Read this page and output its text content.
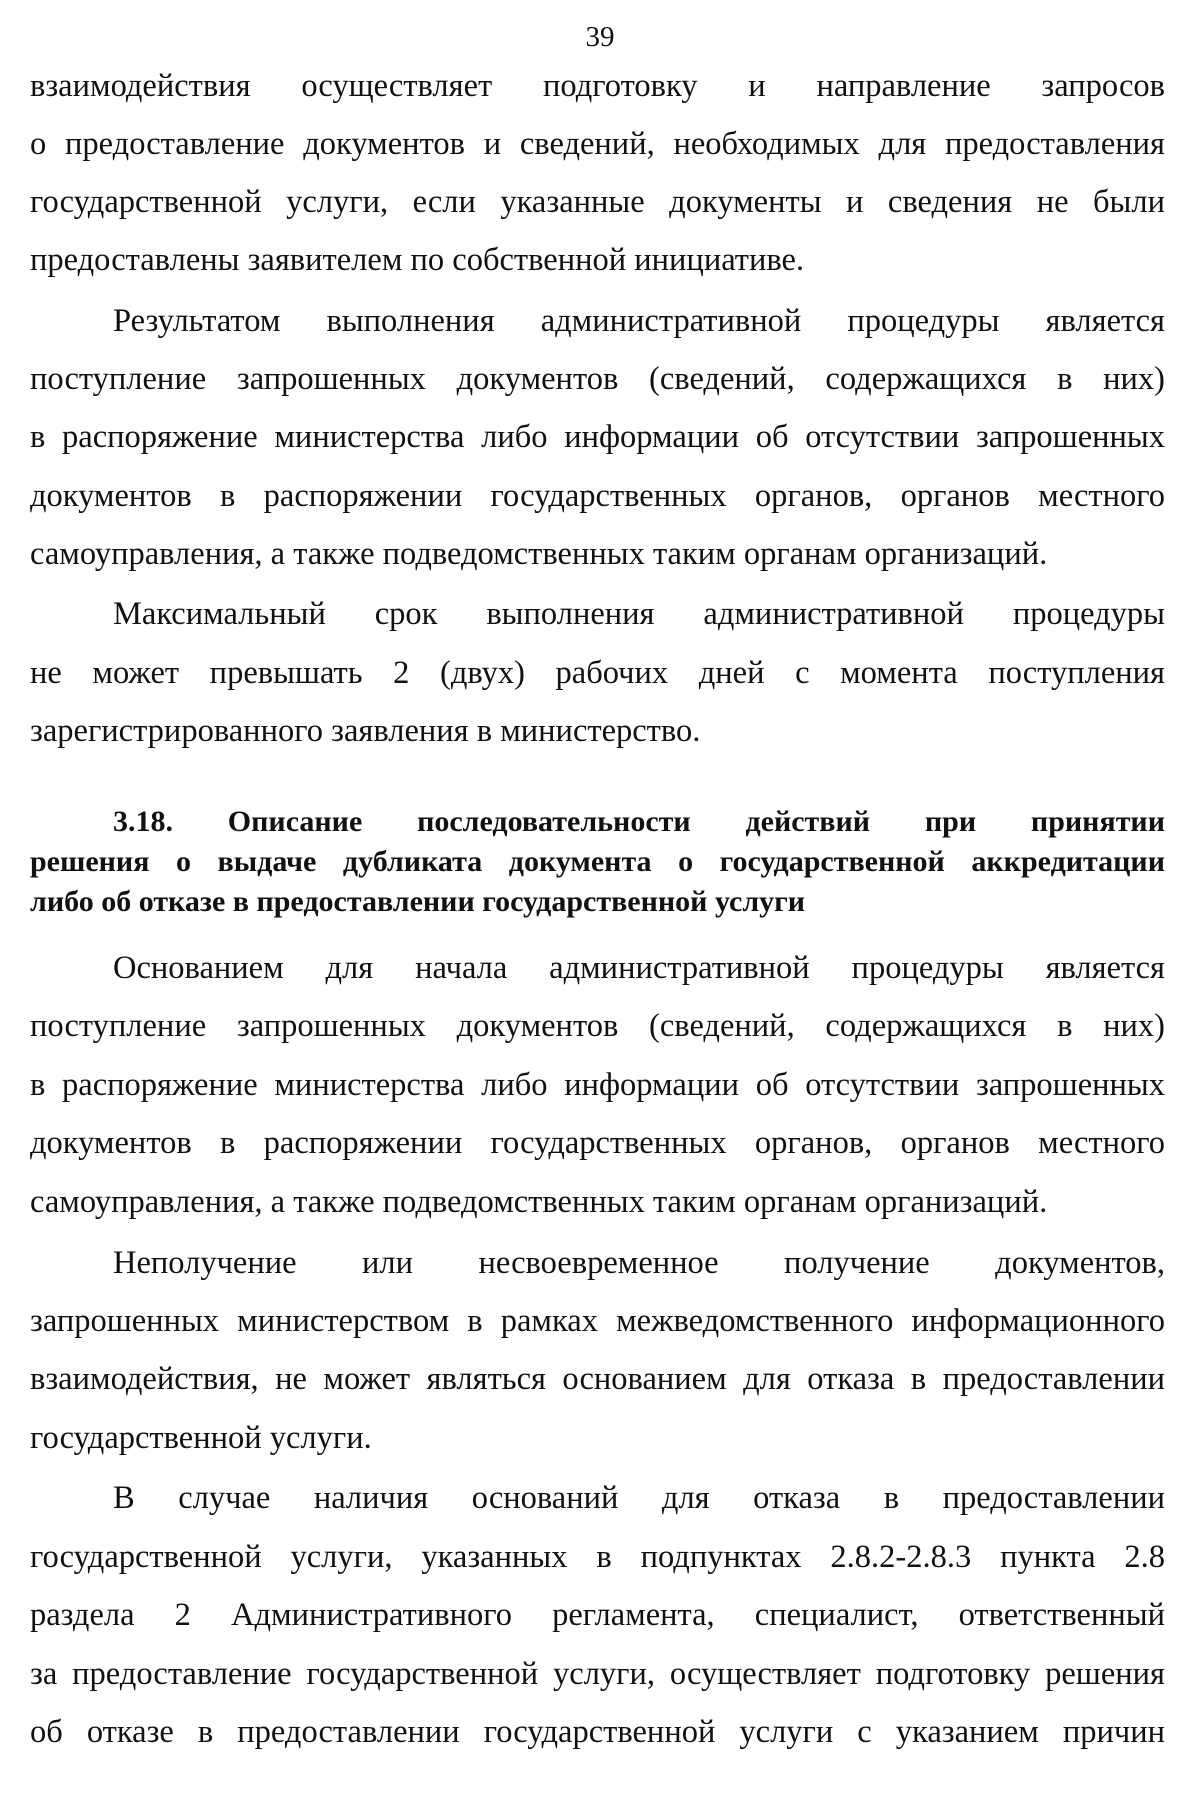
39
взаимодействия осуществляет подготовку и направление запросов
о предоставление документов и сведений, необходимых для предоставления
государственной услуги, если указанные документы и сведения не были
предоставлены заявителем по собственной инициативе.
Результатом выполнения административной процедуры является
поступление запрошенных документов (сведений, содержащихся в них)
в распоряжение министерства либо информации об отсутствии запрошенных
документов в распоряжении государственных органов, органов местного
самоуправления, а также подведомственных таким органам организаций.
Максимальный срок выполнения административной процедуры
не может превышать 2 (двух) рабочих дней с момента поступления
зарегистрированного заявления в министерство.
3.18. Описание последовательности действий при принятии
решения о выдаче дубликата документа о государственной аккредитации
либо об отказе в предоставлении государственной услуги
Основанием для начала административной процедуры является
поступление запрошенных документов (сведений, содержащихся в них)
в распоряжение министерства либо информации об отсутствии запрошенных
документов в распоряжении государственных органов, органов местного
самоуправления, а также подведомственных таким органам организаций.
Неполучение или несвоевременное получение документов,
запрошенных министерством в рамках межведомственного информационного
взаимодействия, не может являться основанием для отказа в предоставлении
государственной услуги.
В случае наличия оснований для отказа в предоставлении
государственной услуги, указанных в подпунктах 2.8.2-2.8.3 пункта 2.8
раздела 2 Административного регламента, специалист, ответственный
за предоставление государственной услуги, осуществляет подготовку решения
об отказе в предоставлении государственной услуги с указанием причин
